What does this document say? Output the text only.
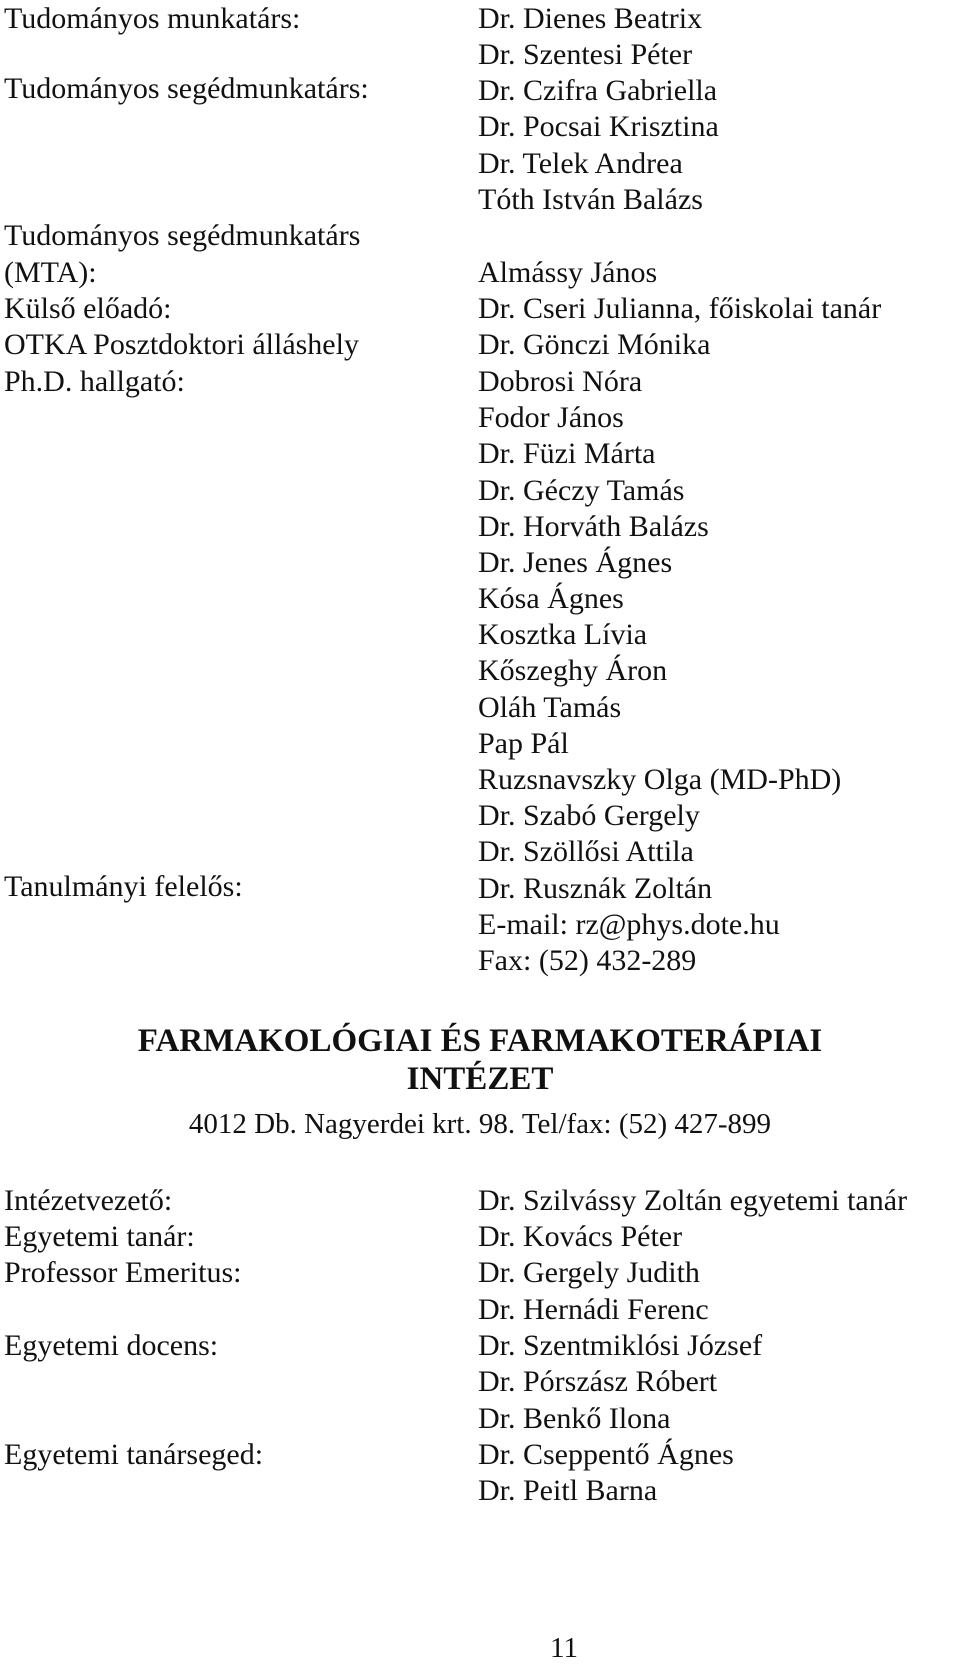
Tudományos munkatárs:
Tudományos segédmunkatárs:
Tudományos segédmunkatárs
(MTA):
Külső előadó:
OTKA Posztdoktori álláshely
Ph.D. hallgató:
Tanulmányi felelős:
Dr. Dienes Beatrix
Dr. Szentesi Péter
Dr. Czifra Gabriella
Dr. Pocsai Krisztina
Dr. Telek Andrea
Tóth István Balázs
Almássy János
Dr. Cseri Julianna, főiskolai tanár
Dr. Gönczi Mónika
Dobrosi Nóra
Fodor János
Dr. Füzi Márta
Dr. Géczy Tamás
Dr. Horváth Balázs
Dr. Jenes Ágnes
Kósa Ágnes
Kosztka Lívia
Kőszeghy Áron
Oláh Tamás
Pap Pál
Ruzsnavszky Olga (MD-PhD)
Dr. Szabó Gergely
Dr. Szöllősi Attila
Dr. Rusznák Zoltán
E-mail: rz@phys.dote.hu
Fax: (52) 432-289
FARMAKOLÓGIAI ÉS FARMAKOTERÁPIAI
INTÉZET
4012 Db. Nagyerdei krt. 98. Tel/fax: (52) 427-899
Intézetvezető:
Egyetemi tanár:
Professor Emeritus:
Egyetemi docens:
Egyetemi tanárseged:
Dr. Szilvássy Zoltán egyetemi tanár
Dr. Kovács Péter
Dr. Gergely Judith
Dr. Hernádi Ferenc
Dr. Szentmiklósi József
Dr. Pórszász Róbert
Dr. Benkő Ilona
Dr. Cseppentő Ágnes
Dr. Peitl Barna
11
